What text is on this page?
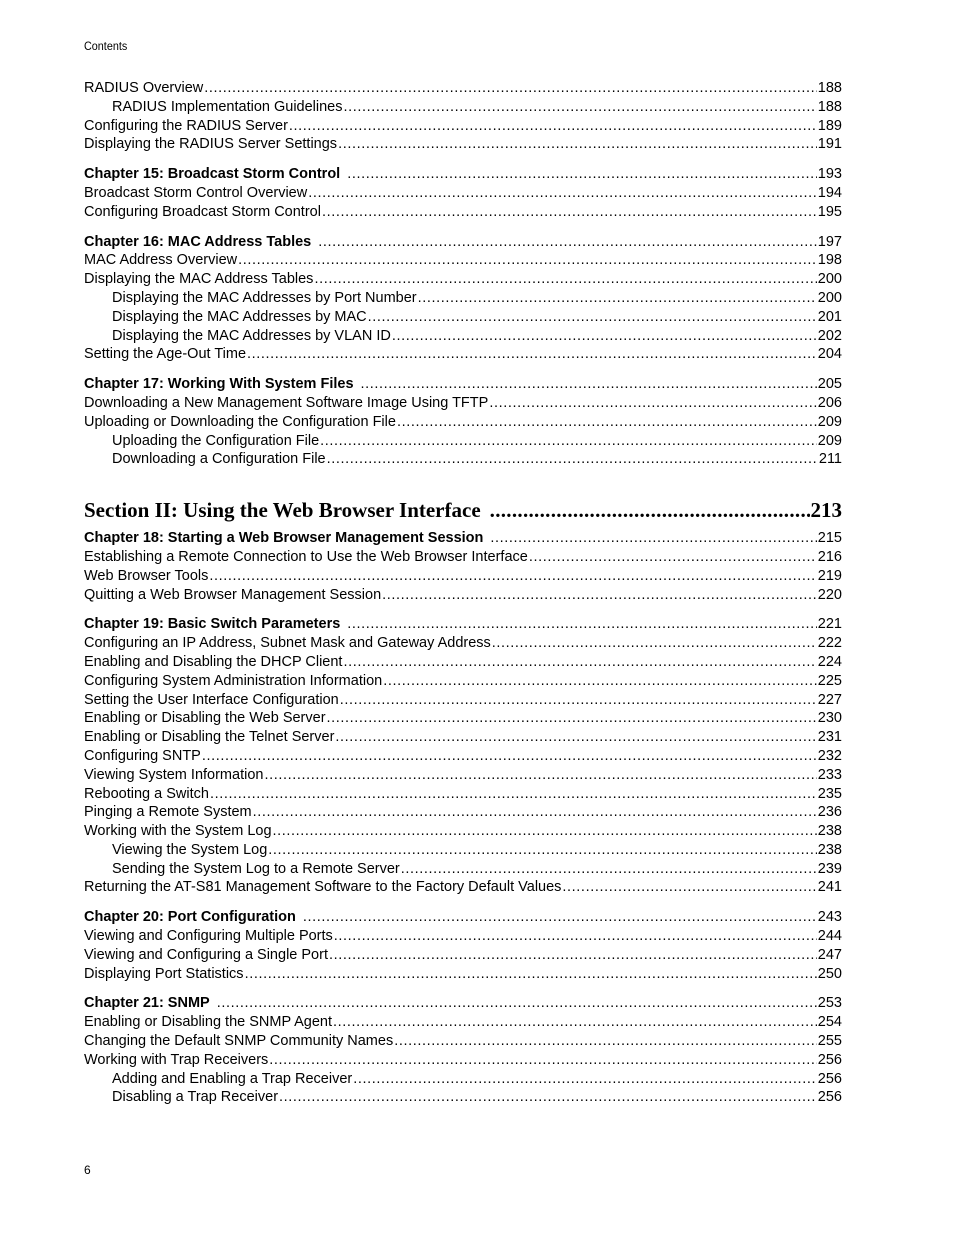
Contents
RADIUS Overview .....	188
RADIUS Implementation Guidelines .....	188
Configuring the RADIUS Server .....	189
Displaying the RADIUS Server Settings .....	191
Chapter 15: Broadcast Storm Control .....	193
Broadcast Storm Control Overview .....	194
Configuring Broadcast Storm Control .....	195
Chapter 16: MAC Address Tables .....	197
MAC Address Overview .....	198
Displaying the MAC Address Tables .....	200
Displaying the MAC Addresses by Port Number .....	200
Displaying the MAC Addresses by MAC .....	201
Displaying the MAC Addresses by VLAN ID .....	202
Setting the Age-Out Time .....	204
Chapter 17: Working With System Files .....	205
Downloading a New Management Software Image Using TFTP .....	206
Uploading or Downloading the Configuration File .....	209
Uploading the Configuration File .....	209
Downloading a Configuration File .....	211
Section II: Using the Web Browser Interface .....	213
Chapter 18: Starting a Web Browser Management Session .....	215
Establishing a Remote Connection to Use the Web Browser Interface .....	216
Web Browser Tools .....	219
Quitting a Web Browser Management Session .....	220
Chapter 19: Basic Switch Parameters .....	221
Configuring an IP Address, Subnet Mask and Gateway Address .....	222
Enabling and Disabling the DHCP Client .....	224
Configuring System Administration Information .....	225
Setting the User Interface Configuration .....	227
Enabling or Disabling the Web Server .....	230
Enabling or Disabling the Telnet Server .....	231
Configuring SNTP .....	232
Viewing System Information .....	233
Rebooting a Switch .....	235
Pinging a Remote System .....	236
Working with the System Log .....	238
Viewing the System Log .....	238
Sending the System Log to a Remote Server .....	239
Returning the AT-S81 Management Software to the Factory Default Values .....	241
Chapter 20: Port Configuration .....	243
Viewing and Configuring Multiple Ports .....	244
Viewing and Configuring a Single Port .....	247
Displaying Port Statistics .....	250
Chapter 21: SNMP .....	253
Enabling or Disabling the SNMP Agent .....	254
Changing the Default SNMP Community Names .....	255
Working with Trap Receivers .....	256
Adding and Enabling a Trap Receiver .....	256
Disabling a Trap Receiver .....	256
6
